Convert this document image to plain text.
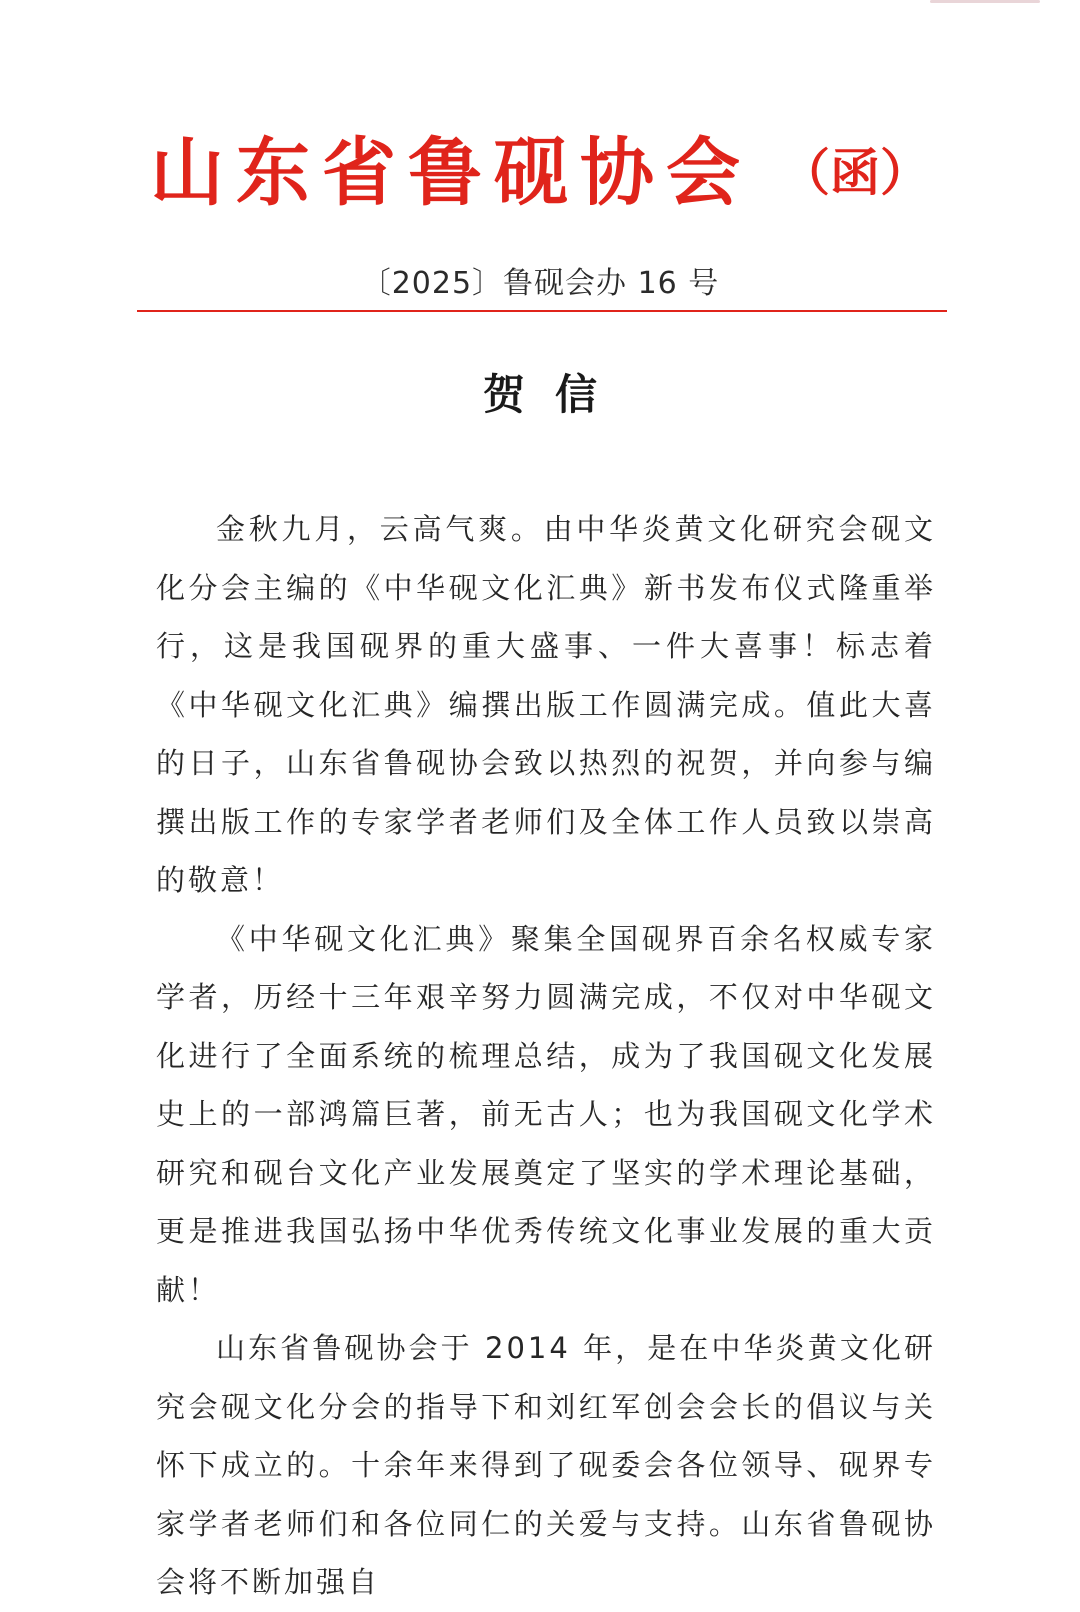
山东省鲁砚协会 （函）
〔2025〕鲁砚会办 16 号
贺信

金秋九月，云高气爽。由中华炎黄文化研究会砚文化分会主编的《中华砚文化汇典》新书发布仪式隆重举行，这是我国砚界的重大盛事、一件大喜事！标志着《中华砚文化汇典》编撰出版工作圆满完成。值此大喜的日子，山东省鲁砚协会致以热烈的祝贺，并向参与编撰出版工作的专家学者老师们及全体工作人员致以崇高的敬意！

《中华砚文化汇典》聚集全国砚界百余名权威专家学者，历经十三年艰辛努力圆满完成，不仅对中华砚文化进行了全面系统的梳理总结，成为了我国砚文化发展史上的一部鸿篇巨著，前无古人；也为我国砚文化学术研究和砚台文化产业发展奠定了坚实的学术理论基础，更是推进我国弘扬中华优秀传统文化事业发展的重大贡献！

山东省鲁砚协会于 2014 年，是在中华炎黄文化研究会砚文化分会的指导下和刘红军创会会长的倡议与关怀下成立的。十余年来得到了砚委会各位领导、砚界专家学者老师们和各位同仁的关爱与支持。山东省鲁砚协会将不断加强自
